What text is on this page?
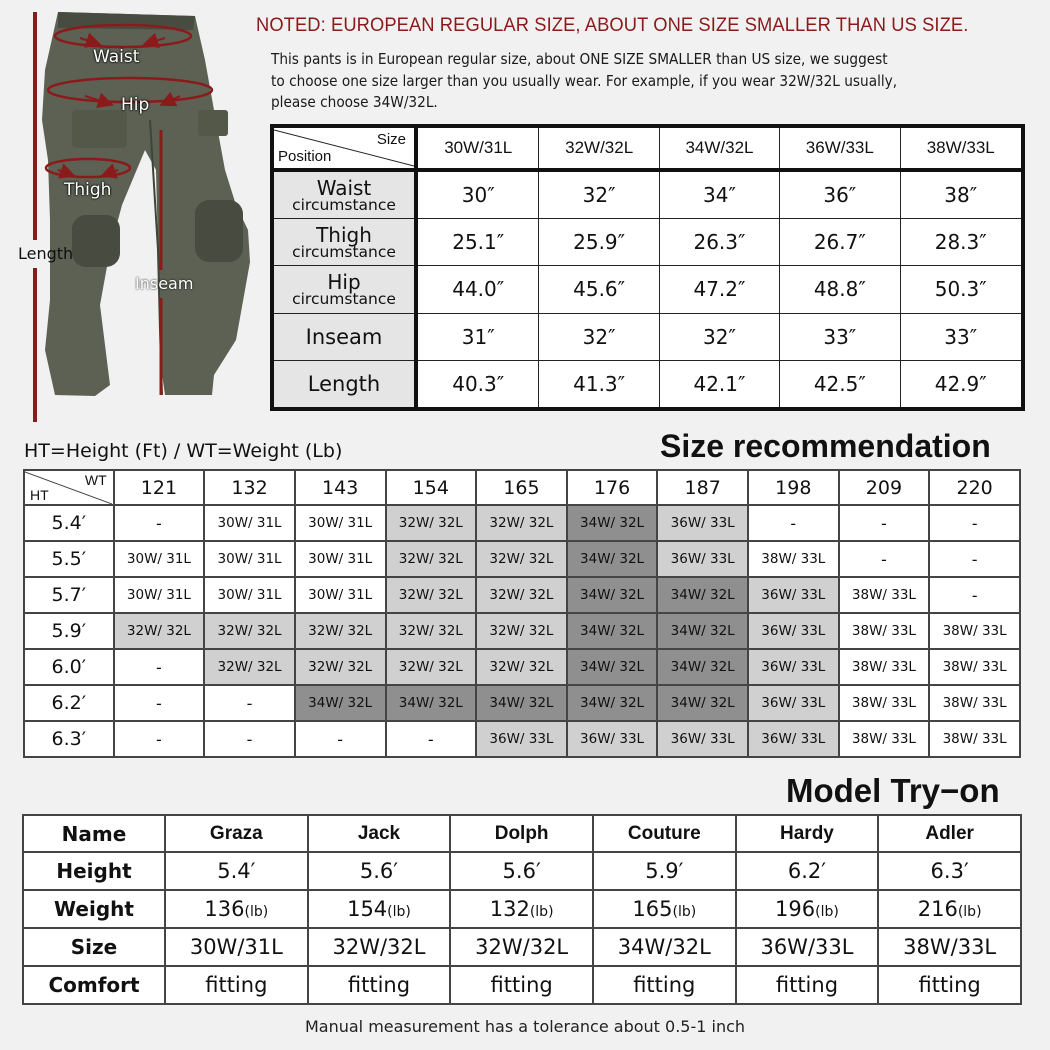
Waist
Hip
Thigh
Length
Inseam
NOTED: EUROPEAN REGULAR SIZE, ABOUT ONE SIZE SMALLER THAN US SIZE.
This pants is in European regular size, about ONE SIZE SMALLER than US size, we suggest
to choose one size larger than you usually wear. For example, if you wear 32W/32L usually,
please choose 34W/32L.
Size
Position	30W/31L	32W/32L	34W/32L	36W/33L	38W/33L

Waist
circumstance	30″	32″	34″	36″	38″

Thigh
circumstance	25.1″	25.9″	26.3″	26.7″	28.3″

Hip
circumstance	44.0″	45.6″	47.2″	48.8″	50.3″
Inseam	31″	32″	32″	33″	33″
Length	40.3″	41.3″	42.1″	42.5″	42.9″
HT=Height (Ft) / WT=Weight (Lb)	Size recommendation
WT
HT	121	132	143	154	165	176	187	198	209	220
5.4′	-	30W/ 31L	30W/ 31L	32W/ 32L	32W/ 32L	34W/ 32L	36W/ 33L	-	-	-
5.5′	30W/ 31L	30W/ 31L	30W/ 31L	32W/ 32L	32W/ 32L	34W/ 32L	36W/ 33L	38W/ 33L	-	-
5.7′	30W/ 31L	30W/ 31L	30W/ 31L	32W/ 32L	32W/ 32L	34W/ 32L	34W/ 32L	36W/ 33L	38W/ 33L	-
5.9′	32W/ 32L	32W/ 32L	32W/ 32L	32W/ 32L	32W/ 32L	34W/ 32L	34W/ 32L	36W/ 33L	38W/ 33L	38W/ 33L
6.0′	-	32W/ 32L	32W/ 32L	32W/ 32L	32W/ 32L	34W/ 32L	34W/ 32L	36W/ 33L	38W/ 33L	38W/ 33L
6.2′	-	-	34W/ 32L	34W/ 32L	34W/ 32L	34W/ 32L	34W/ 32L	36W/ 33L	38W/ 33L	38W/ 33L
6.3′	-	-	-	-	36W/ 33L	36W/ 33L	36W/ 33L	36W/ 33L	38W/ 33L	38W/ 33L
Model Try−on
Name	Graza	Jack	Dolph	Couture	Hardy	Adler
Height	5.4′	5.6′	5.6′	5.9′	6.2′	6.3′
Weight	136(lb)	154(lb)	132(lb)	165(lb)	196(lb)	216(lb)
Size	30W/31L	32W/32L	32W/32L	34W/32L	36W/33L	38W/33L
Comfort	fitting	fitting	fitting	fitting	fitting	fitting
Manual measurement has a tolerance about 0.5-1 inch
